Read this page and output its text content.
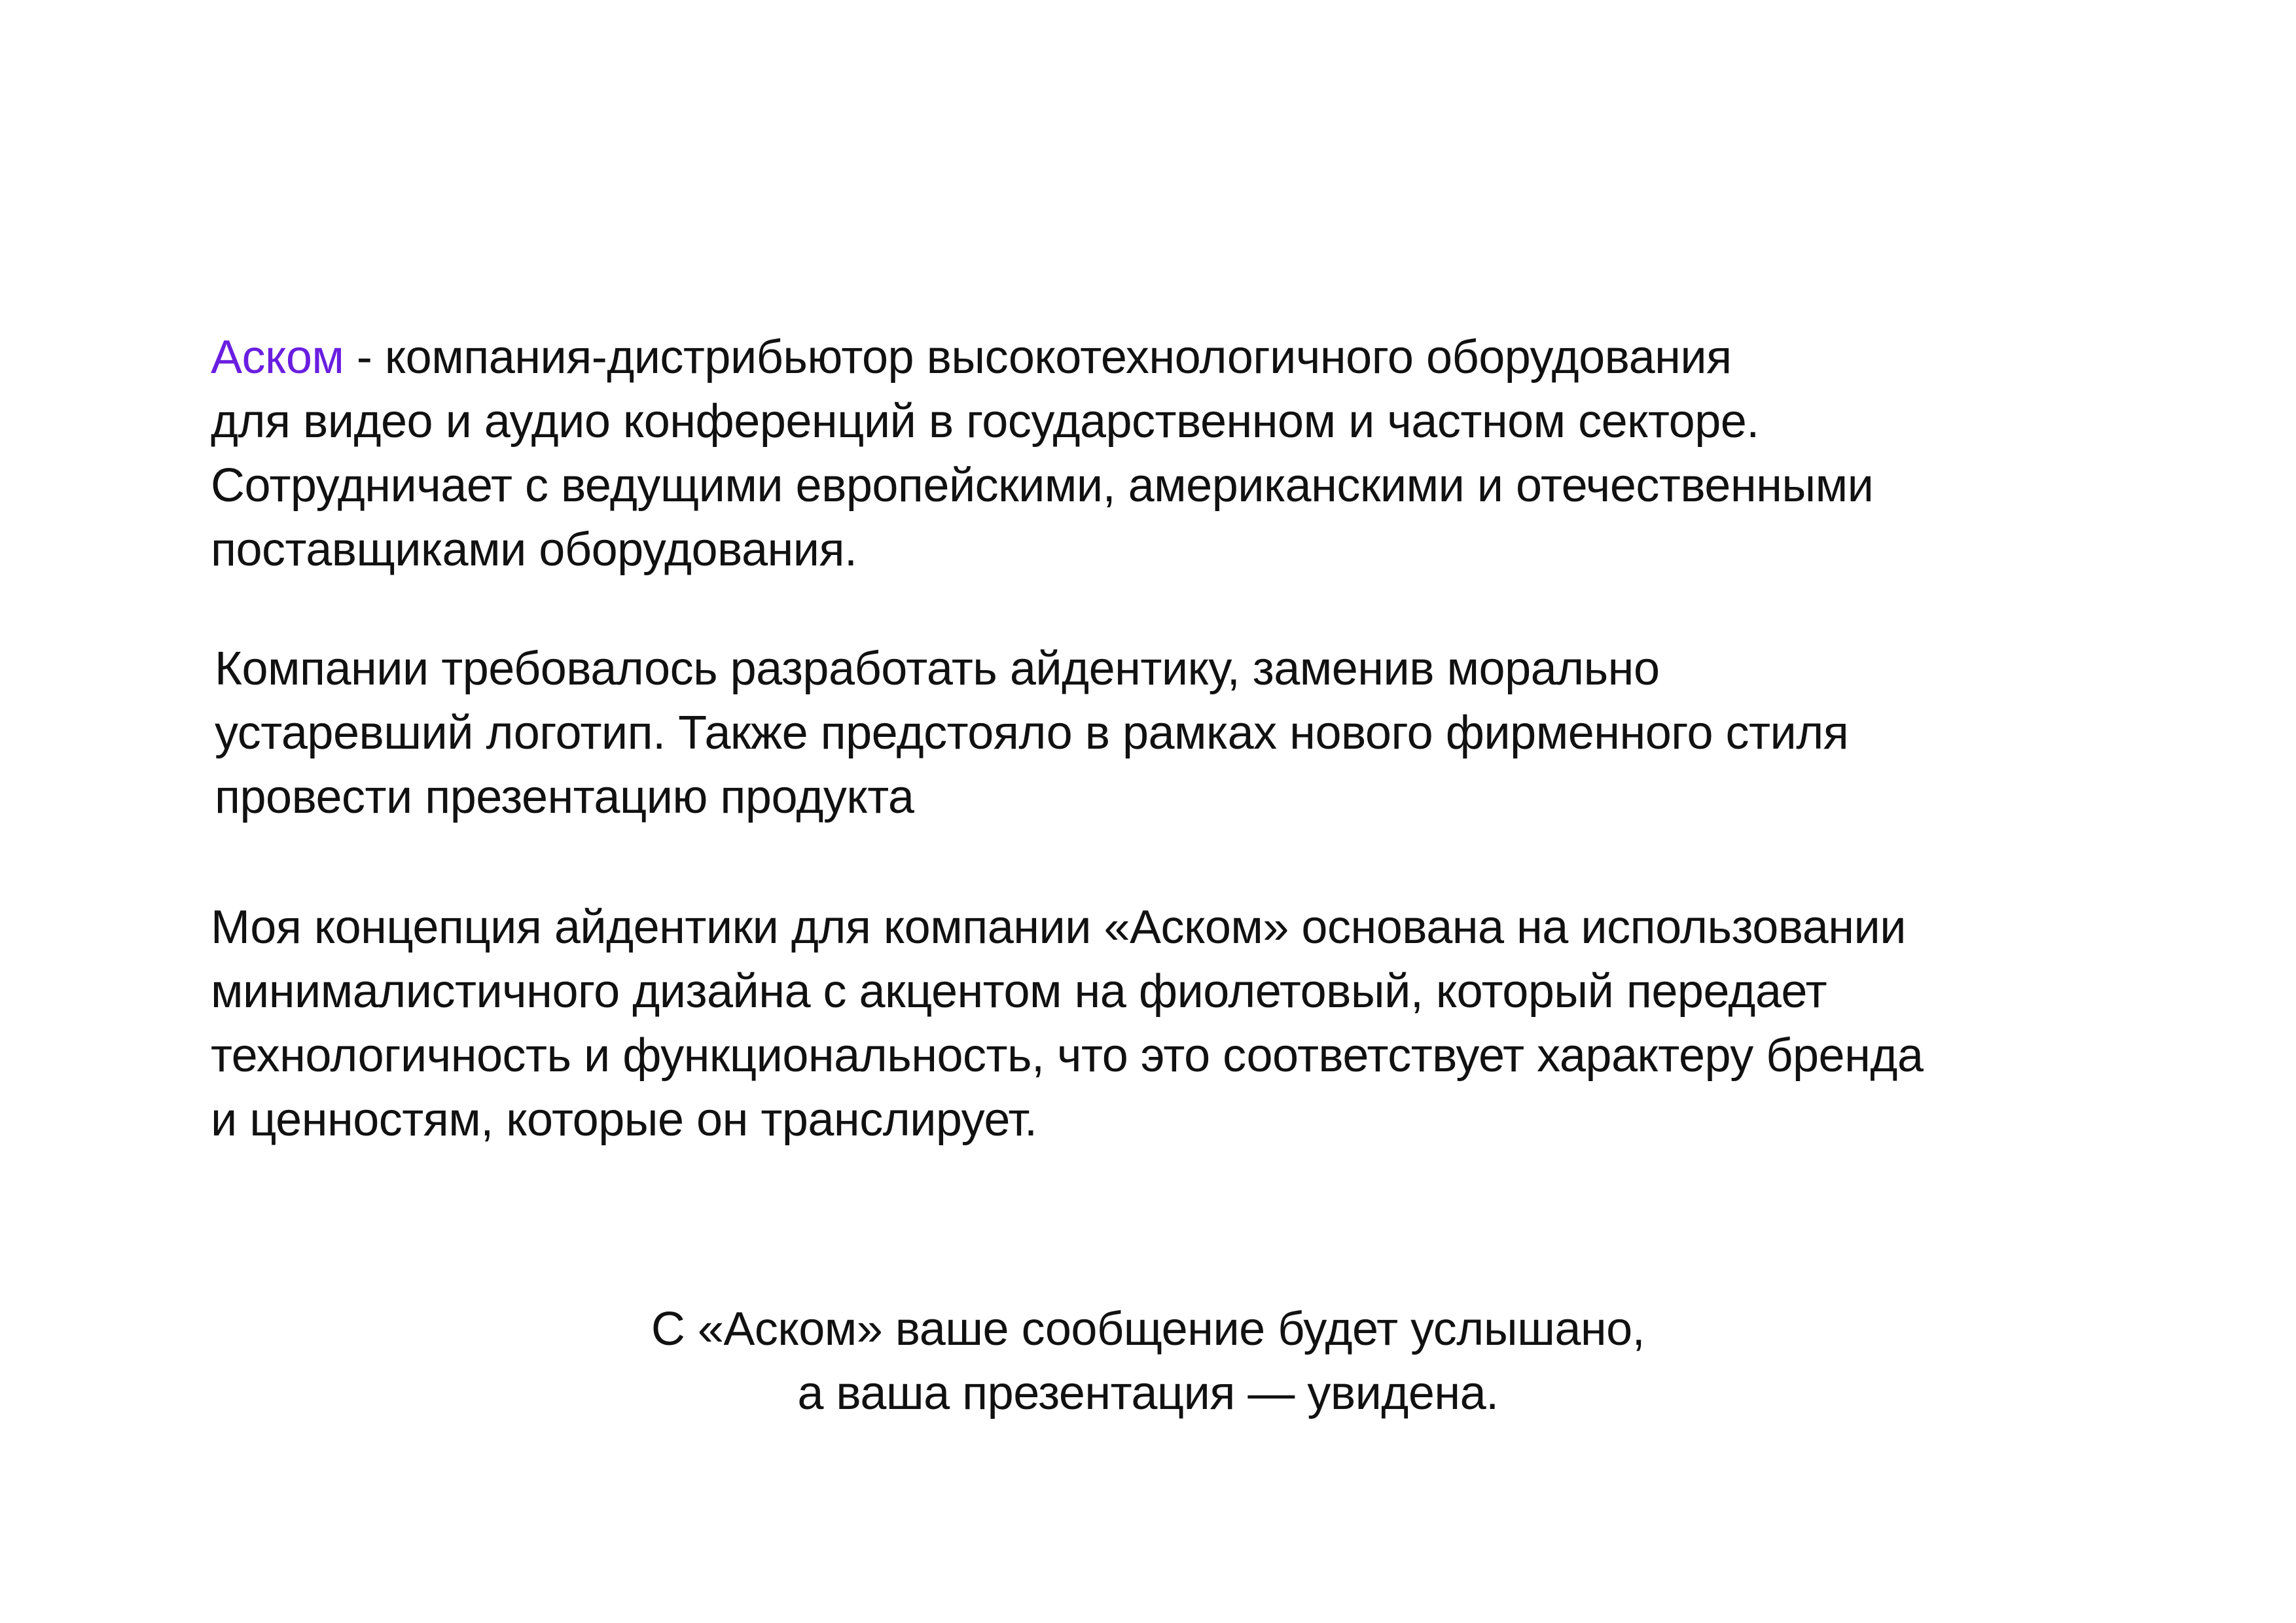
Аском - компания-дистрибьютор высокотехнологичного оборудования
для видео и аудио конференций в государственном и частном секторе.
Сотрудничает с ведущими европейскими, американскими и отечественными
поставщиками оборудования.
Компании требовалось разработать айдентику, заменив морально
устаревший логотип. Также предстояло в рамках нового фирменного стиля
провести презентацию продукта
Моя концепция айдентики для компании «Аском» основана на использовании
минималистичного дизайна с акцентом на фиолетовый, который передает
технологичность и функциональность, что это соответствует характеру бренда
и ценностям, которые он транслирует.
С «Аском» ваше сообщение будет услышано,
а ваша презентация — увидена.
